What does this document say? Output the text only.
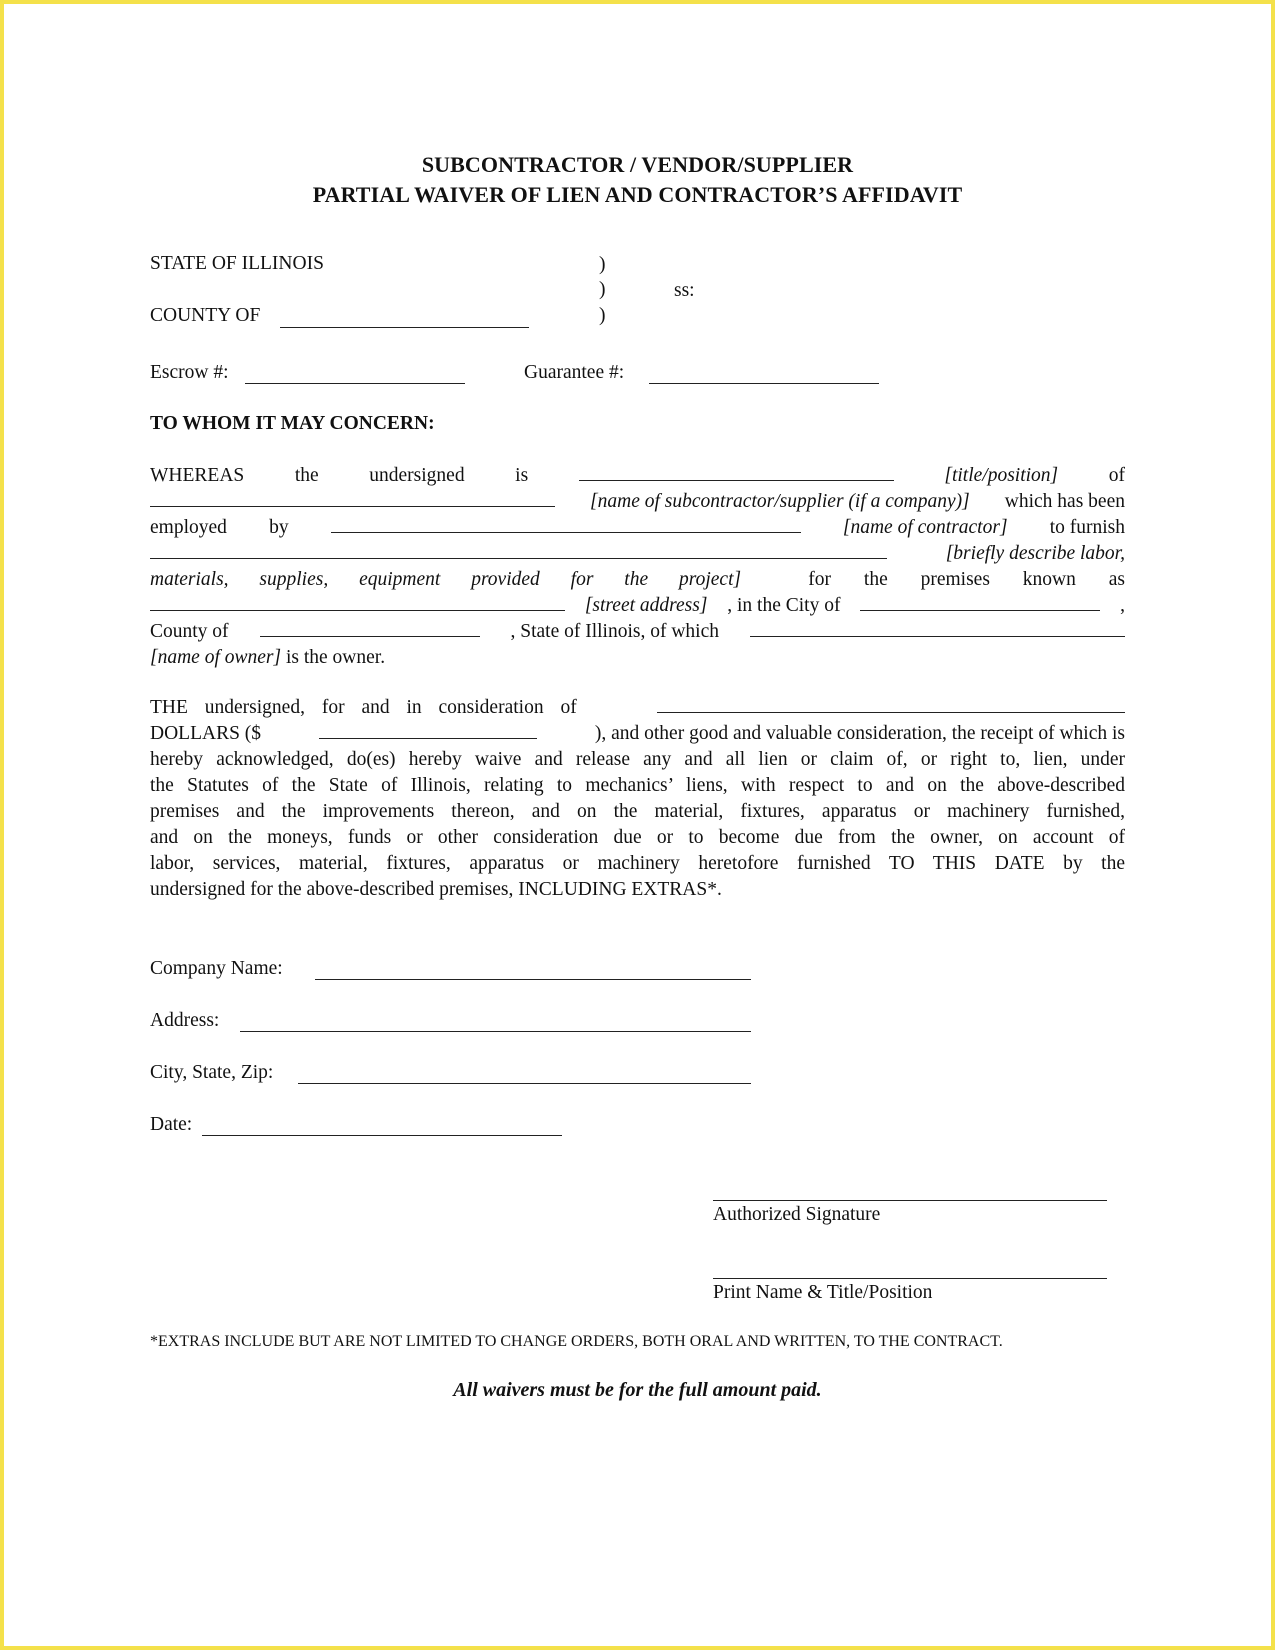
SUBCONTRACTOR / VENDOR/SUPPLIER
PARTIAL WAIVER OF LIEN AND CONTRACTOR’S AFFIDAVIT
STATE OF ILLINOIS	)
)
)
ss:
COUNTY OF
Escrow #:	Guarantee #:
TO WHOM IT MAY CONCERN:
WHEREAS	the	undersigned	is	[title/position]	of
[name of subcontractor/supplier (if a company)] which has been
employed by	[name of contractor] to furnish
[briefly describe labor,
materials, supplies, equipment provided for the project]	for the premises known as
[street address] , in the City of	,
County of	, State of Illinois, of which
[name of owner] is the owner.
THE undersigned, for and in consideration of
DOLLARS ($	), and other good and valuable consideration, the receipt of which is
hereby acknowledged, do(es) hereby waive and release any and all lien or claim of, or right to, lien, under
the Statutes of the State of Illinois, relating to mechanics’ liens, with respect to and on the above-described
premises and the improvements thereon, and on the material, fixtures, apparatus or machinery furnished,
and on the moneys, funds or other consideration due or to become due from the owner, on account of
labor, services, material, fixtures, apparatus or machinery heretofore furnished TO THIS DATE by the
undersigned for the above-described premises, INCLUDING EXTRAS*.
Company Name:
Address:
City, State, Zip:
Date:
Authorized Signature
Print Name & Title/Position
*EXTRAS INCLUDE BUT ARE NOT LIMITED TO CHANGE ORDERS, BOTH ORAL AND WRITTEN, TO THE CONTRACT.
All waivers must be for the full amount paid.
